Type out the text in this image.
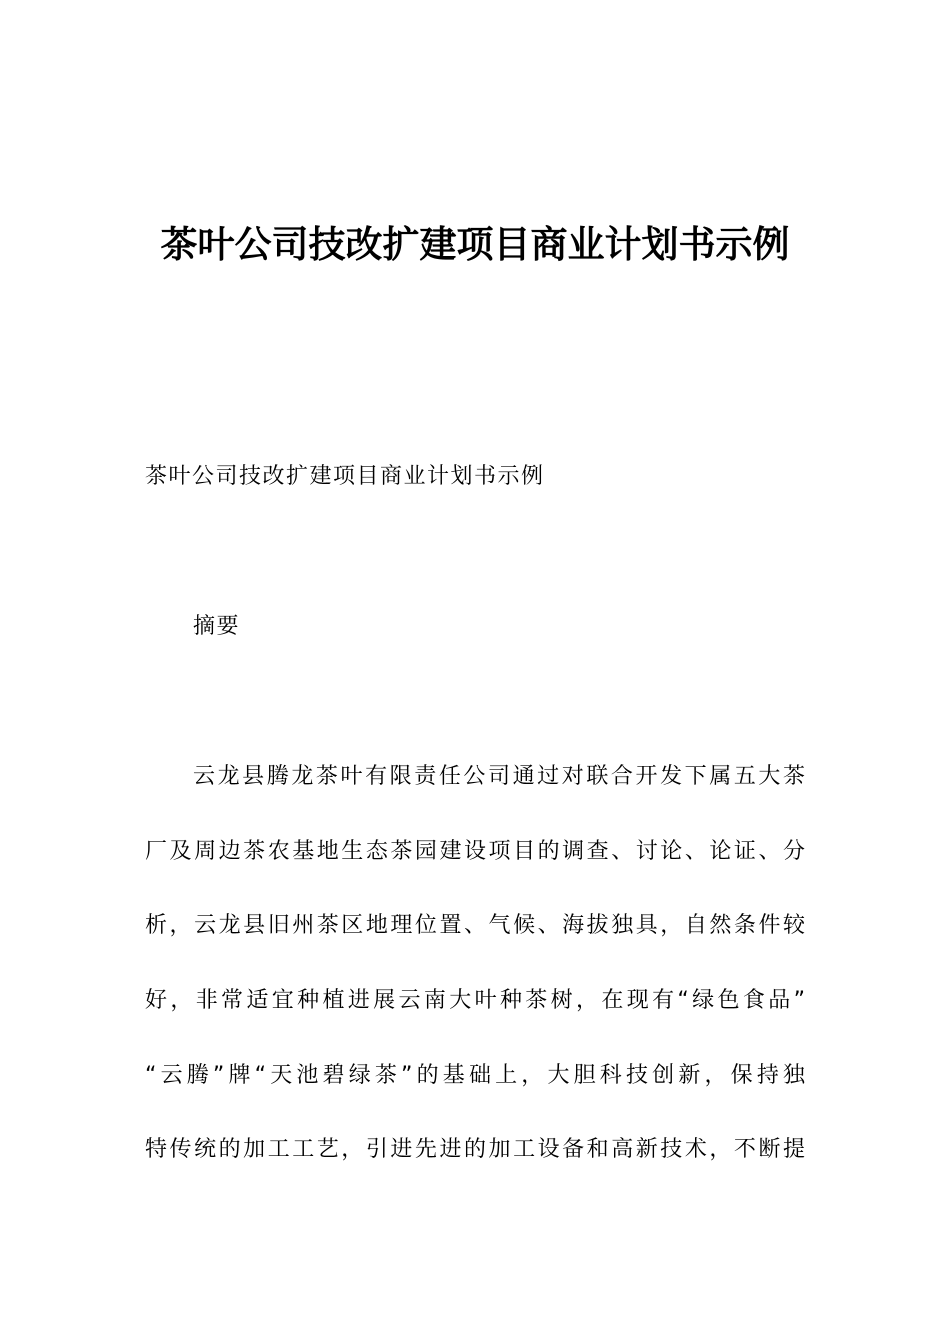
茶叶公司技改扩建项目商业计划书示例

茶叶公司技改扩建项目商业计划书示例

摘要

云龙县腾龙茶叶有限责任公司通过对联合开发下属五大茶

厂及周边茶农基地生态茶园建设项目的调查、讨论、论证、分

析，云龙县旧州茶区地理位置、气候、海拔独具，自然条件较

好，非常适宜种植进展云南大叶种茶树，在现有“绿色食品”

“云腾”牌“天池碧绿茶”的基础上，大胆科技创新，保持独

特传统的加工工艺，引进先进的加工设备和高新技术，不断提
